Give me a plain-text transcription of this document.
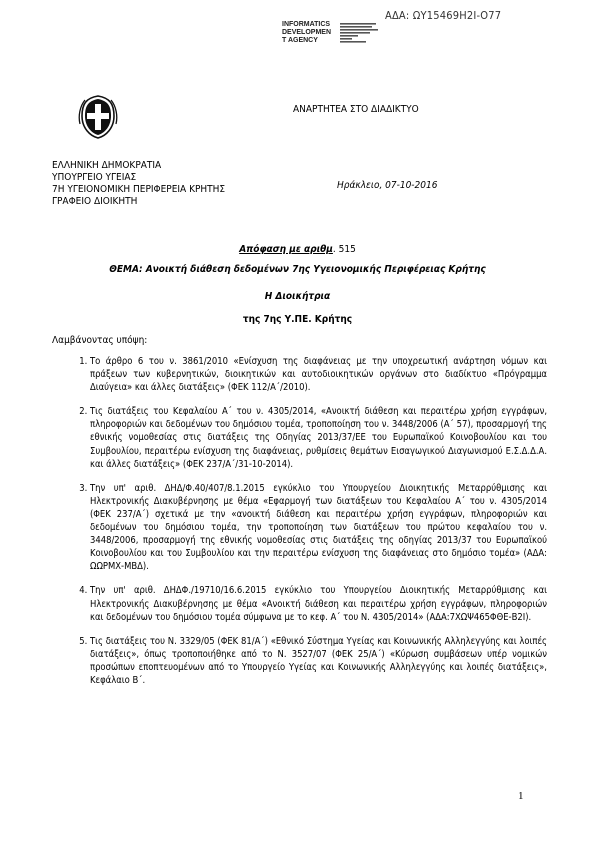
ΑΔΑ: ΩΥ15469Η2Ι-Ο77
INFORMATICS
DEVELOPMEN
T AGENCY
ΑΝΑΡΤΗΤΕΑ ΣΤΟ ΔΙΑΔΙΚΤΥΟ
ΕΛΛΗΝΙΚΗ ΔΗΜΟΚΡΑΤΙΑ
ΥΠΟΥΡΓΕΙΟ ΥΓΕΙΑΣ
7Η ΥΓΕΙΟΝΟΜΙΚΗ ΠΕΡΙΦΕΡΕΙΑ ΚΡΗΤΗΣ
ΓΡΑΦΕΙΟ ΔΙΟΙΚΗΤΗ
Ηράκλειο, 07-10-2016
Απόφαση με αριθμ. 515
ΘΕΜΑ: Ανοικτή διάθεση δεδομένων 7ης Υγειονομικής Περιφέρειας Κρήτης
Η Διοικήτρια
της 7ης Υ.ΠΕ. Κρήτης
Λαμβάνοντας υπόψη:
1. Το άρθρο 6 του ν. 3861/2010 «Ενίσχυση της διαφάνειας με την υποχρεωτική ανάρτηση νόμων και πράξεων των κυβερνητικών, διοικητικών και αυτοδιοικητικών οργάνων στο διαδίκτυο «Πρόγραμμα Διαύγεια» και άλλες διατάξεις» (ΦΕΚ 112/Α΄/2010).
2. Τις διατάξεις του Κεφαλαίου Α΄ του ν. 4305/2014, «Ανοικτή διάθεση και περαιτέρω χρήση εγγράφων, πληροφοριών και δεδομένων του δημόσιου τομέα, τροποποίηση του ν. 3448/2006 (Α΄ 57), προσαρμογή της εθνικής νομοθεσίας στις διατάξεις της Οδηγίας 2013/37/ΕΕ του Ευρωπαϊκού Κοινοβουλίου και του Συμβουλίου, περαιτέρω ενίσχυση της διαφάνειας, ρυθμίσεις θεμάτων Εισαγωγικού Διαγωνισμού Ε.Σ.Δ.Δ.Α. και άλλες διατάξεις» (ΦΕΚ 237/Α΄/31-10-2014).
3. Την υπ' αριθ. ΔΗΔ/Φ.40/407/8.1.2015 εγκύκλιο του Υπουργείου Διοικητικής Μεταρρύθμισης και Ηλεκτρονικής Διακυβέρνησης με θέμα «Εφαρμογή των διατάξεων του Κεφαλαίου Α΄ του ν. 4305/2014 (ΦΕΚ 237/Α΄) σχετικά με την «ανοικτή διάθεση και περαιτέρω χρήση εγγράφων, πληροφοριών και δεδομένων του δημόσιου τομέα, την τροποποίηση των διατάξεων του πρώτου κεφαλαίου του ν. 3448/2006, προσαρμογή της εθνικής νομοθεσίας στις διατάξεις της οδηγίας 2013/37 του Ευρωπαϊκού Κοινοβουλίου και του Συμβουλίου και την περαιτέρω ενίσχυση της διαφάνειας στο δημόσιο τομέα» (ΑΔΑ: ΩΩΡΜΧ-ΜΒΔ).
4. Την υπ' αριθ. ΔΗΔΦ./19710/16.6.2015 εγκύκλιο του Υπουργείου Διοικητικής Μεταρρύθμισης και Ηλεκτρονικής Διακυβέρνησης με θέμα «Ανοικτή διάθεση και περαιτέρω χρήση εγγράφων, πληροφοριών και δεδομένων του δημόσιου τομέα σύμφωνα με το κεφ. Α΄ του Ν. 4305/2014» (ΑΔΑ:7ΧΩΨ465ΦΘΕ-Β2Ι).
5. Τις διατάξεις του Ν. 3329/05 (ΦΕΚ 81/Α΄) «Εθνικό Σύστημα Υγείας και Κοινωνικής Αλληλεγγύης και λοιπές διατάξεις», όπως τροποποιήθηκε από το Ν. 3527/07 (ΦΕΚ 25/Α΄) «Κύρωση συμβάσεων υπέρ νομικών προσώπων εποπτευομένων από το Υπουργείο Υγείας και Κοινωνικής Αλληλεγγύης και λοιπές διατάξεις», Κεφάλαιο Β΄.
1
